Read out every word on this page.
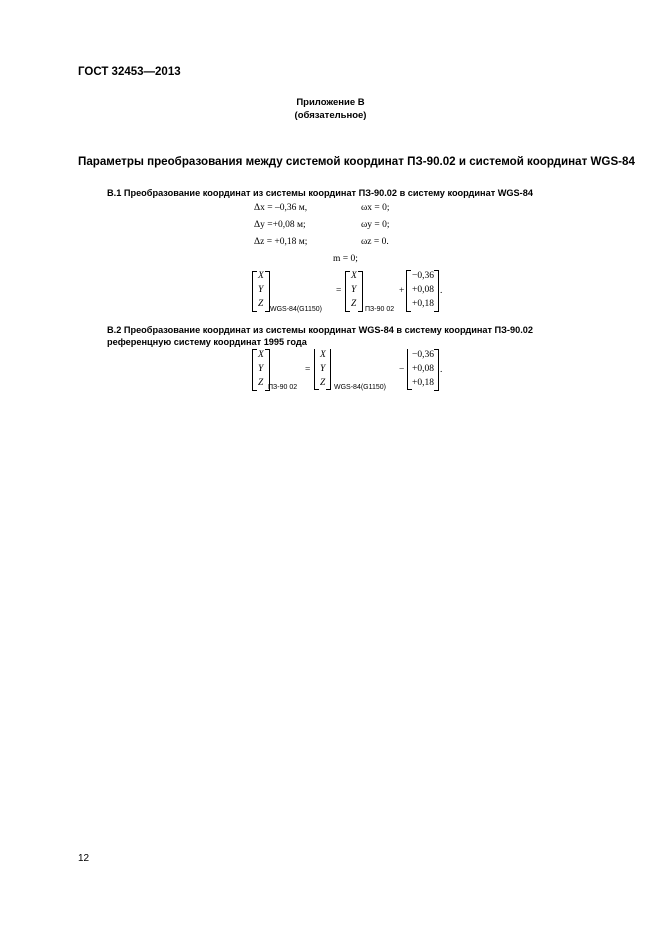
ГОСТ 32453—2013
Приложение В
(обязательное)
Параметры преобразования между системой координат ПЗ-90.02 и системой координат WGS-84
В.1 Преобразование координат из системы координат ПЗ-90.02 в систему координат WGS-84
Δx = –0,36 м,	ωx = 0;
Δy =+0,08 м;	ωy = 0;
Δz = +0,18 м;	ωz = 0.
m = 0;
X
Y
Z
WGS-84(G1150)
=
X
Y
Z
ПЗ-90 02
+
−0,36
+0,08
+0,18
.
В.2 Преобразование координат из системы координат WGS-84 в систему координат ПЗ-90.02
референцную систему координат 1995 года
X
Y
Z ПЗ-90 02
=
X
Y
Z WGS-84(G1150)
−
−0,36
+0,08
+0,18
.
12
